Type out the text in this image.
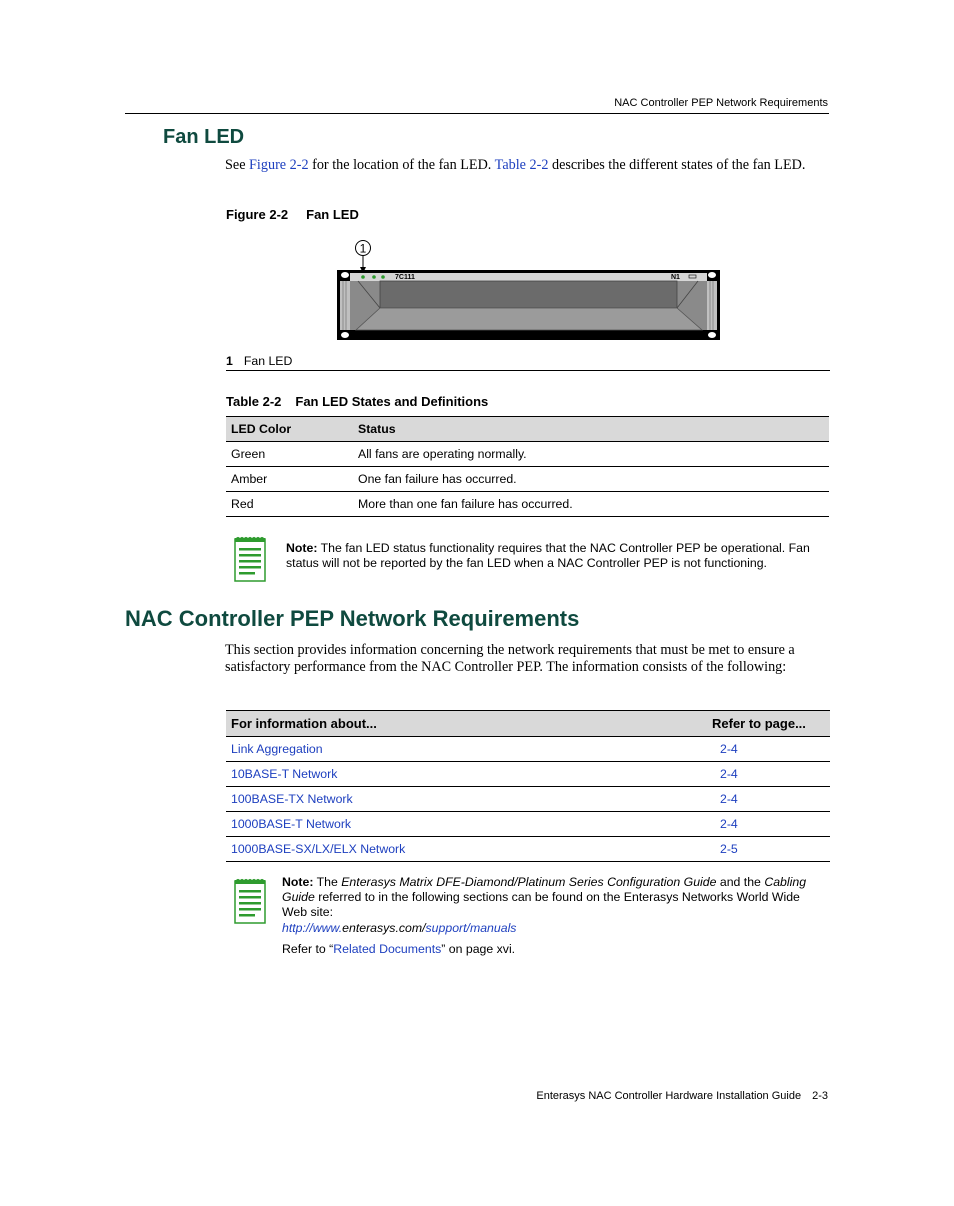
NAC Controller PEP Network Requirements
Fan LED
See Figure 2-2 for the location of the fan LED. Table 2-2 describes the different states of the fan LED.
Figure 2-2 Fan LED
1
7C111	N1
1 Fan LED
Table 2-2 Fan LED States and Definitions
LED Color	Status
Green	All fans are operating normally.
Amber	One fan failure has occurred.
Red	More than one fan failure has occurred.
Note: The fan LED status functionality requires that the NAC Controller PEP be operational. Fan status will not be reported by the fan LED when a NAC Controller PEP is not functioning.
NAC Controller PEP Network Requirements
This section provides information concerning the network requirements that must be met to ensure a satisfactory performance from the NAC Controller PEP. The information consists of the following:
For information about...	Refer to page...
Link Aggregation	2-4
10BASE-T Network	2-4
100BASE-TX Network	2-4
1000BASE-T Network	2-4
1000BASE-SX/LX/ELX Network	2-5
Note: The Enterasys Matrix DFE-Diamond/Platinum Series Configuration Guide and the Cabling Guide referred to in the following sections can be found on the Enterasys Networks World Wide Web site:
http://www.enterasys.com/support/manuals
Refer to “Related Documents” on page xvi.
Enterasys NAC Controller Hardware Installation Guide 2-3
